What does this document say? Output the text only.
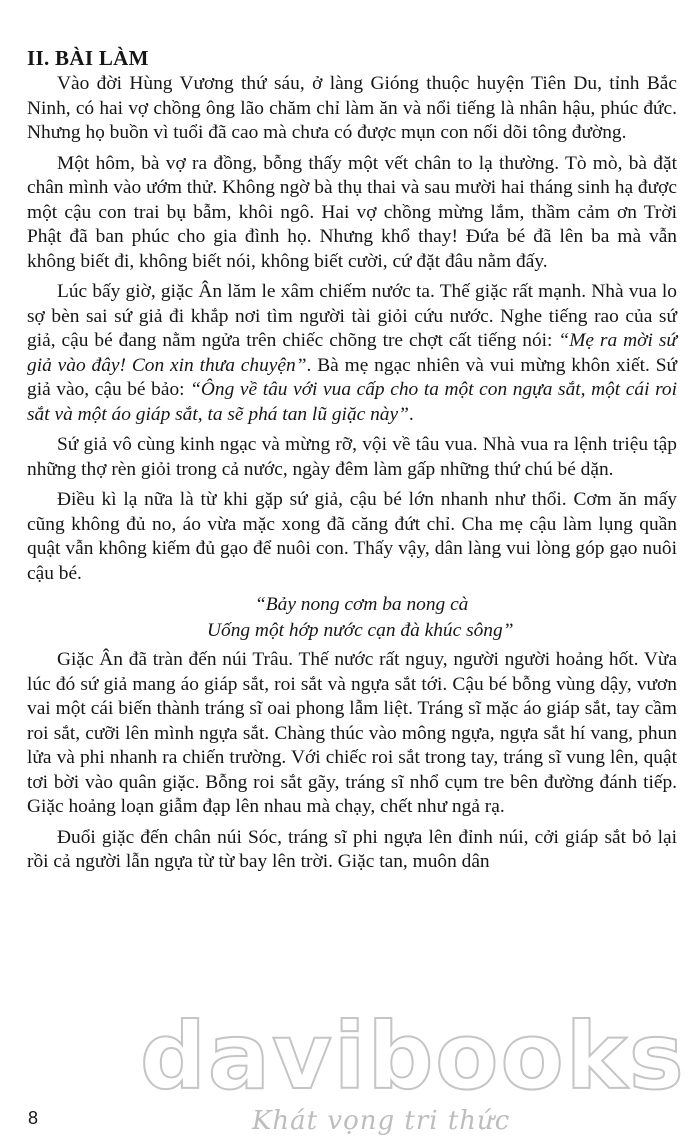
II. BÀI LÀM

Vào đời Hùng Vương thứ sáu, ở làng Gióng thuộc huyện Tiên Du, tỉnh Bắc Ninh, có hai vợ chồng ông lão chăm chỉ làm ăn và nổi tiếng là nhân hậu, phúc đức. Nhưng họ buồn vì tuổi đã cao mà chưa có được mụn con nối dõi tông đường.

Một hôm, bà vợ ra đồng, bỗng thấy một vết chân to lạ thường. Tò mò, bà đặt chân mình vào ướm thử. Không ngờ bà thụ thai và sau mười hai tháng sinh hạ được một cậu con trai bụ bẫm, khôi ngô. Hai vợ chồng mừng lắm, thầm cảm ơn Trời Phật đã ban phúc cho gia đình họ. Nhưng khổ thay! Đứa bé đã lên ba mà vẫn không biết đi, không biết nói, không biết cười, cứ đặt đâu nằm đấy.

Lúc bấy giờ, giặc Ân lăm le xâm chiếm nước ta. Thế giặc rất mạnh. Nhà vua lo sợ bèn sai sứ giả đi khắp nơi tìm người tài giỏi cứu nước. Nghe tiếng rao của sứ giả, cậu bé đang nằm ngửa trên chiếc chõng tre chợt cất tiếng nói: “Mẹ ra mời sứ giả vào đây! Con xin thưa chuyện”. Bà mẹ ngạc nhiên và vui mừng khôn xiết. Sứ giả vào, cậu bé bảo: “Ông về tâu với vua cấp cho ta một con ngựa sắt, một cái roi sắt và một áo giáp sắt, ta sẽ phá tan lũ giặc này”.

Sứ giả vô cùng kinh ngạc và mừng rỡ, vội về tâu vua. Nhà vua ra lệnh triệu tập những thợ rèn giỏi trong cả nước, ngày đêm làm gấp những thứ chú bé dặn.

Điều kì lạ nữa là từ khi gặp sứ giả, cậu bé lớn nhanh như thổi. Cơm ăn mấy cũng không đủ no, áo vừa mặc xong đã căng đứt chỉ. Cha mẹ cậu làm lụng quần quật vẫn không kiếm đủ gạo để nuôi con. Thấy vậy, dân làng vui lòng góp gạo nuôi cậu bé.

“Bảy nong cơm ba nong cà
Uống một hớp nước cạn đà khúc sông”

Giặc Ân đã tràn đến núi Trâu. Thế nước rất nguy, người người hoảng hốt. Vừa lúc đó sứ giả mang áo giáp sắt, roi sắt và ngựa sắt tới. Cậu bé bỗng vùng dậy, vươn vai một cái biến thành tráng sĩ oai phong lẫm liệt. Tráng sĩ mặc áo giáp sắt, tay cầm roi sắt, cưỡi lên mình ngựa sắt. Chàng thúc vào mông ngựa, ngựa sắt hí vang, phun lửa và phi nhanh ra chiến trường. Với chiếc roi sắt trong tay, tráng sĩ vung lên, quật tơi bời vào quân giặc. Bỗng roi sắt gãy, tráng sĩ nhổ cụm tre bên đường đánh tiếp. Giặc hoảng loạn giẫm đạp lên nhau mà chạy, chết như ngả rạ.

Đuổi giặc đến chân núi Sóc, tráng sĩ phi ngựa lên đỉnh núi, cởi giáp sắt bỏ lại rồi cả người lẫn ngựa từ từ bay lên trời. Giặc tan, muôn dân

8
davibooks
Khát vọng tri thức
